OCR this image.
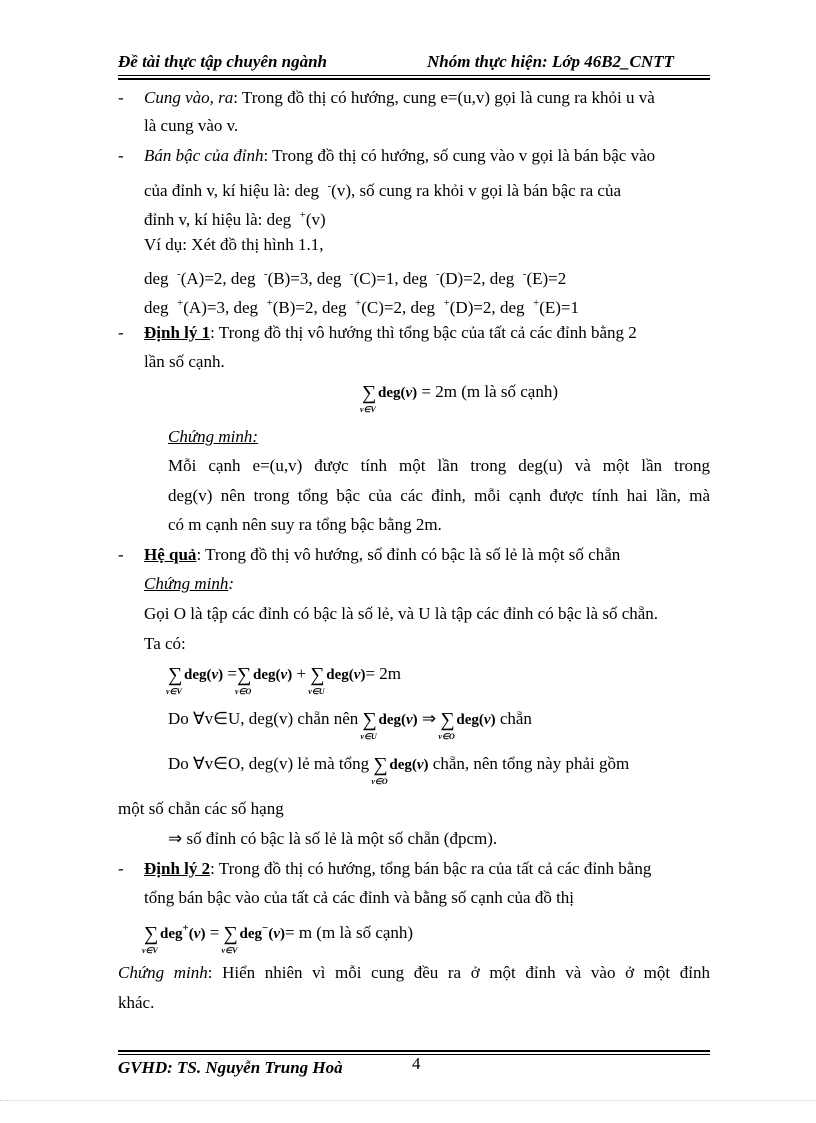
Đề tài thực tập chuyên ngành	Nhóm thực hiện: Lớp 46B2_CNTT
- Cung vào, ra: Trong đồ thị có hướng, cung e=(u,v) gọi là cung ra khỏi u và
là cung vào v.
- Bán bậc của đỉnh: Trong đồ thị có hướng, số cung vào v gọi là bán bậc vào
của đỉnh v, kí hiệu là: deg -(v), số cung ra khỏi v gọi là bán bậc ra của
đỉnh v, kí hiệu là: deg +(v)
Ví dụ: Xét đồ thị hình 1.1,
deg -(A)=2, deg -(B)=3, deg -(C)=1, deg -(D)=2, deg -(E)=2
deg +(A)=3, deg +(B)=2, deg +(C)=2, deg +(D)=2, deg +(E)=1
- Định lý 1: Trong đồ thị vô hướng thì tổng bậc của tất cả các đỉnh bằng 2
lần số cạnh.
∑
v∈V
deg(v) = 2m (m là số cạnh)
Chứng minh:
Mỗi cạnh e=(u,v) được tính một lần trong deg(u) và một lần trong
deg(v) nên trong tổng bậc của các đỉnh, mỗi cạnh được tính hai lần, mà
có m cạnh nên suy ra tổng bậc bằng 2m.
- Hệ quả: Trong đồ thị vô hướng, số đỉnh có bậc là số lẻ là một số chẵn
Chứng minh:
Gọi O là tập các đỉnh có bậc là số lẻ, và U là tập các đỉnh có bậc là số chẵn.
Ta có:
∑
v∈V
deg(v) =∑
v∈O
deg(v) + ∑
v∈U
deg(v)= 2m
Do ∀v∈U, deg(v) chẵn nên ∑
v∈U
deg(v) ⇒ ∑
v∈O
deg(v) chẵn
Do ∀v∈O, deg(v) lẻ mà tổng ∑
v∈O
deg(v) chẵn, nên tổng này phải gồm
một số chẵn các số hạng
⇒ số đỉnh có bậc là số lẻ là một số chẵn (đpcm).
- Định lý 2: Trong đồ thị có hướng, tổng bán bậc ra của tất cả các đỉnh bằng
tổng bán bậc vào của tất cả các đỉnh và bằng số cạnh của đồ thị
∑
v∈V
deg+(v) = ∑
v∈V
deg−(v)= m (m là số cạnh)
Chứng minh: Hiển nhiên vì mỗi cung đều ra ở một đỉnh và vào ở một đỉnh
khác.
GVHD: TS. Nguyễn Trung Hoà	4
